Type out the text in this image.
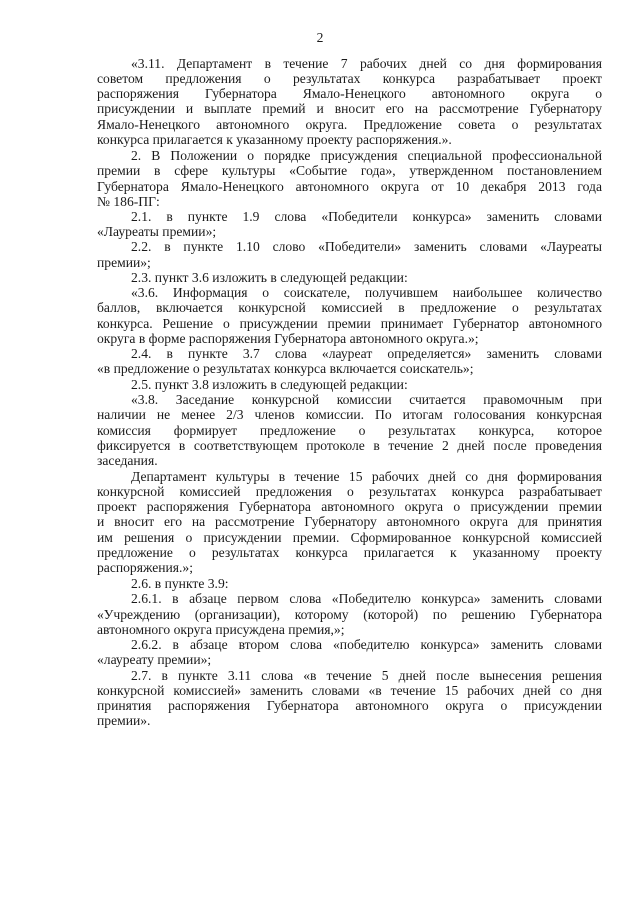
2
«3.11. Департамент в течение 7 рабочих дней со дня формирования
советом предложения о результатах конкурса разрабатывает проект
распоряжения Губернатора Ямало-Ненецкого автономного округа о
присуждении и выплате премий и вносит его на рассмотрение Губернатору
Ямало-Ненецкого автономного округа. Предложение совета о результатах
конкурса прилагается к указанному проекту распоряжения.».
2. В Положении о порядке присуждения специальной профессиональной
премии в сфере культуры «Событие года», утвержденном постановлением
Губернатора Ямало-Ненецкого автономного округа от 10 декабря 2013 года
№ 186-ПГ:
2.1. в пункте 1.9 слова «Победители конкурса» заменить словами
«Лауреаты премии»;
2.2. в пункте 1.10 слово «Победители» заменить словами «Лауреаты
премии»;
2.3. пункт 3.6 изложить в следующей редакции:
«3.6. Информация о соискателе, получившем наибольшее количество
баллов, включается конкурсной комиссией в предложение о результатах
конкурса. Решение о присуждении премии принимает Губернатор автономного
округа в форме распоряжения Губернатора автономного округа.»;
2.4. в пункте 3.7 слова «лауреат определяется» заменить словами
«в предложение о результатах конкурса включается соискатель»;
2.5. пункт 3.8 изложить в следующей редакции:
«3.8. Заседание конкурсной комиссии считается правомочным при
наличии не менее 2/3 членов комиссии. По итогам голосования конкурсная
комиссия формирует предложение о результатах конкурса, которое
фиксируется в соответствующем протоколе в течение 2 дней после проведения
заседания.
Департамент культуры в течение 15 рабочих дней со дня формирования
конкурсной комиссией предложения о результатах конкурса разрабатывает
проект распоряжения Губернатора автономного округа о присуждении премии
и вносит его на рассмотрение Губернатору автономного округа для принятия
им решения о присуждении премии. Сформированное конкурсной комиссией
предложение о результатах конкурса прилагается к указанному проекту
распоряжения.»;
2.6. в пункте 3.9:
2.6.1. в абзаце первом слова «Победителю конкурса» заменить словами
«Учреждению (организации), которому (которой) по решению Губернатора
автономного округа присуждена премия,»;
2.6.2. в абзаце втором слова «победителю конкурса» заменить словами
«лауреату премии»;
2.7. в пункте 3.11 слова «в течение 5 дней после вынесения решения
конкурсной комиссией» заменить словами «в течение 15 рабочих дней со дня
принятия распоряжения Губернатора автономного округа о присуждении
премии».
